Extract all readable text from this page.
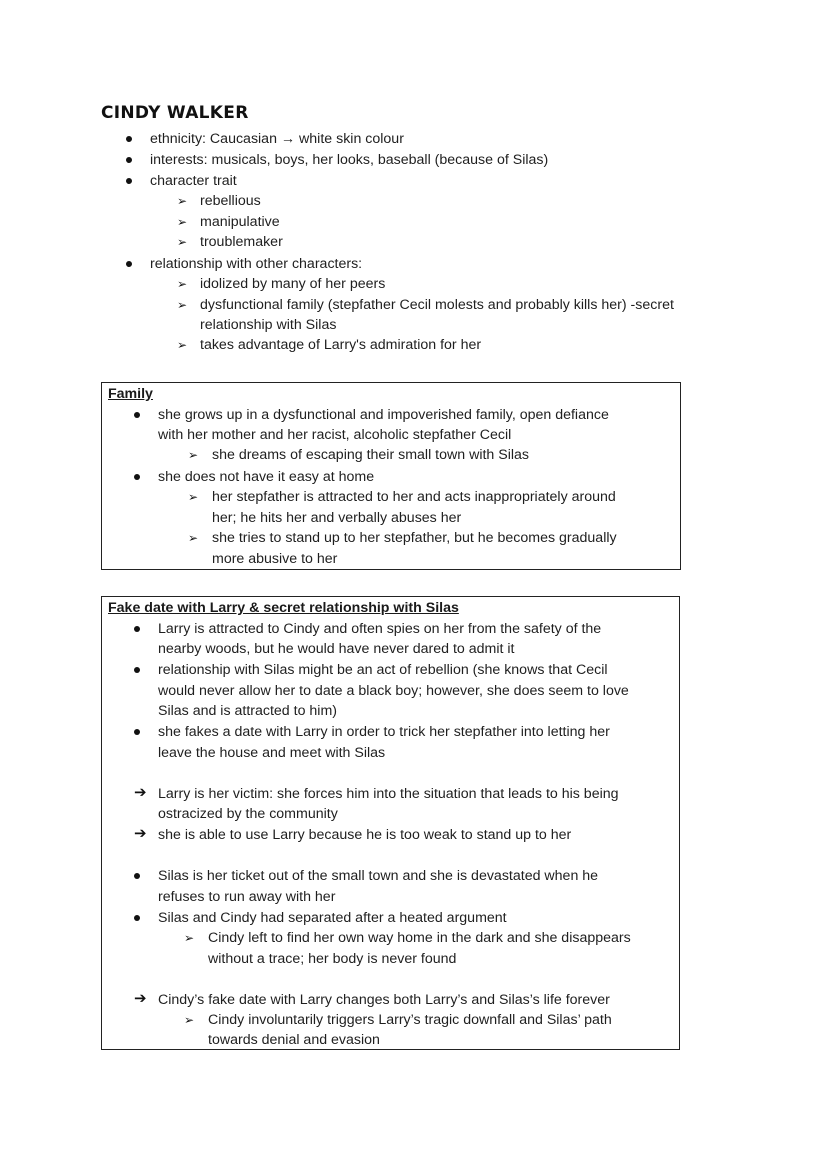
CINDY WALKER
ethnicity: Caucasian → white skin colour
interests: musicals, boys, her looks, baseball (because of Silas)
character trait
➢ rebellious
➢ manipulative
➢ troublemaker
relationship with other characters:
➢ idolized by many of her peers
➢ dysfunctional family (stepfather Cecil molests and probably kills her) -secret
relationship with Silas
➢ takes advantage of Larry's admiration for her
Family
she grows up in a dysfunctional and impoverished family, open defiance
with her mother and her racist, alcoholic stepfather Cecil
➢ she dreams of escaping their small town with Silas
she does not have it easy at home
➢ her stepfather is attracted to her and acts inappropriately around
her; he hits her and verbally abuses her
➢ she tries to stand up to her stepfather, but he becomes gradually
more abusive to her
Fake date with Larry & secret relationship with Silas
Larry is attracted to Cindy and often spies on her from the safety of the
nearby woods, but he would have never dared to admit it
relationship with Silas might be an act of rebellion (she knows that Cecil
would never allow her to date a black boy; however, she does seem to love
Silas and is attracted to him)
she fakes a date with Larry in order to trick her stepfather into letting her
leave the house and meet with Silas
➔ Larry is her victim: she forces him into the situation that leads to his being
ostracized by the community
➔ she is able to use Larry because he is too weak to stand up to her
Silas is her ticket out of the small town and she is devastated when he
refuses to run away with her
Silas and Cindy had separated after a heated argument
➢ Cindy left to find her own way home in the dark and she disappears
without a trace; her body is never found
➔ Cindy’s fake date with Larry changes both Larry’s and Silas’s life forever
➢ Cindy involuntarily triggers Larry’s tragic downfall and Silas’ path
towards denial and evasion
